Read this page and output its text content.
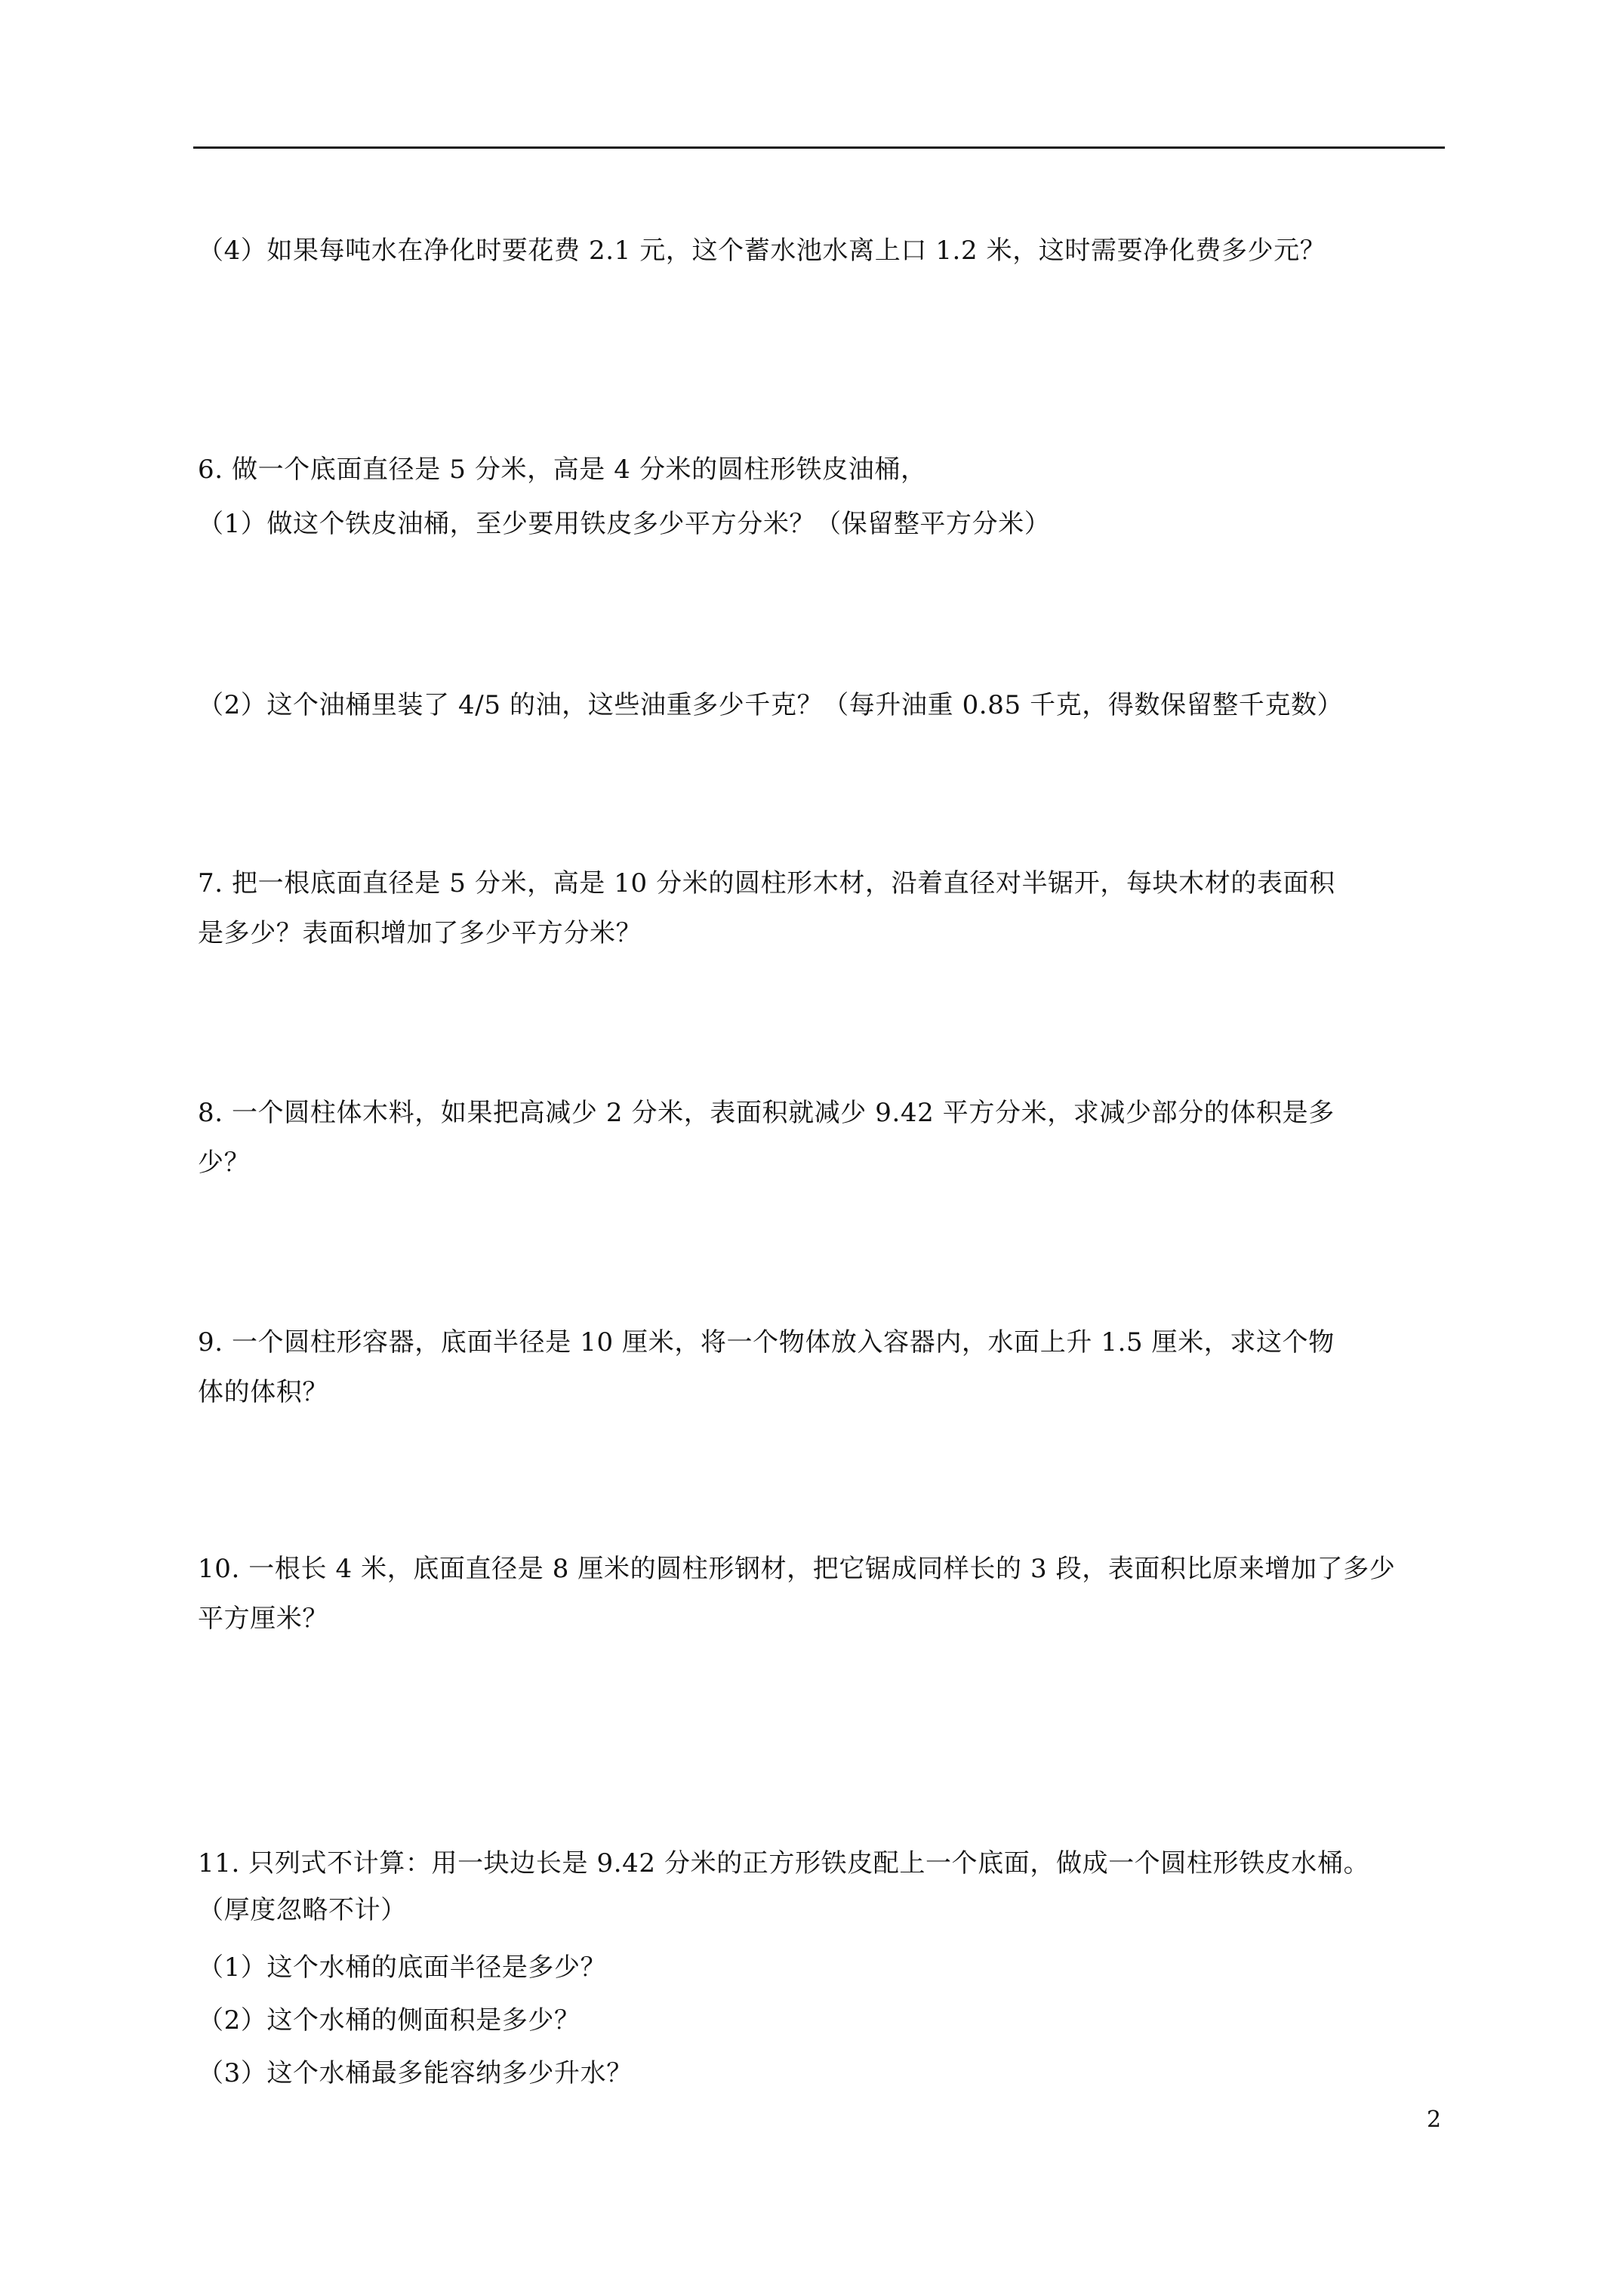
（4）如果每吨水在净化时要花费 2.1 元，这个蓄水池水离上口 1.2 米，这时需要净化费多少元？
6. 做一个底面直径是 5 分米，高是 4 分米的圆柱形铁皮油桶，
（1）做这个铁皮油桶，至少要用铁皮多少平方分米？（保留整平方分米）
（2）这个油桶里装了 4/5 的油，这些油重多少千克？（每升油重 0.85 千克，得数保留整千克数）
7. 把一根底面直径是 5 分米，高是 10 分米的圆柱形木材，沿着直径对半锯开，每块木材的表面积
是多少？表面积增加了多少平方分米？
8. 一个圆柱体木料，如果把高减少 2 分米，表面积就减少 9.42 平方分米，求减少部分的体积是多
少？
9. 一个圆柱形容器，底面半径是 10 厘米，将一个物体放入容器内，水面上升 1.5 厘米，求这个物
体的体积？
10. 一根长 4 米，底面直径是 8 厘米的圆柱形钢材，把它锯成同样长的 3 段，表面积比原来增加了多少
平方厘米？
11. 只列式不计算：用一块边长是 9.42 分米的正方形铁皮配上一个底面，做成一个圆柱形铁皮水桶。
（厚度忽略不计）
（1）这个水桶的底面半径是多少？
（2）这个水桶的侧面积是多少？
（3）这个水桶最多能容纳多少升水？
2
